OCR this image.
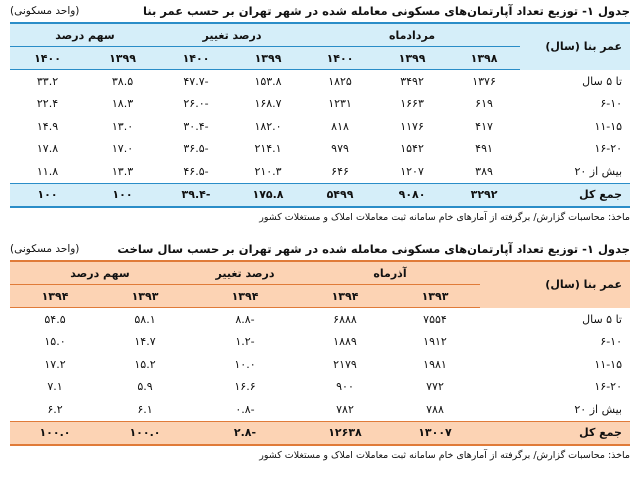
جدول ۱- توزیع تعداد آپارتمان‌های مسکونی معامله شده در شهر تهران بر حسب عمر بنا
(واحد مسکونی)
عمر بنا (سال)	مردادماه			درصد تغییر		سهم درصد	
	۱۳۹۸	۱۳۹۹	۱۴۰۰	۱۳۹۹	۱۴۰۰	۱۳۹۹	۱۴۰۰
تا ۵ سال	۱۳۷۶	۳۴۹۲	۱۸۲۵	۱۵۳.۸	-۴۷.۷	۳۸.۵	۳۳.۲
۶-۱۰	۶۱۹	۱۶۶۳	۱۲۳۱	۱۶۸.۷	-۲۶.۰	۱۸.۳	۲۲.۴
۱۱-۱۵	۴۱۷	۱۱۷۶	۸۱۸	۱۸۲.۰	-۳۰.۴	۱۳.۰	۱۴.۹
۱۶-۲۰	۴۹۱	۱۵۴۲	۹۷۹	۲۱۴.۱	-۳۶.۵	۱۷.۰	۱۷.۸
بیش از ۲۰	۳۸۹	۱۲۰۷	۶۴۶	۲۱۰.۳	-۴۶.۵	۱۳.۳	۱۱.۸
جمع کل	۳۲۹۲	۹۰۸۰	۵۴۹۹	۱۷۵.۸	-۳۹.۴	۱۰۰	۱۰۰
ماخذ: محاسبات گزارش/ برگرفته از آمارهای خام سامانه ثبت معاملات املاک و مستغلات کشور
جدول ۱- توزیع تعداد آپارتمان‌های مسکونی معامله شده در شهر تهران بر حسب سال ساخت
(واحد مسکونی)
عمر بنا (سال)	آذرماه		درصد تغییر	سهم درصد	
	۱۳۹۳	۱۳۹۴	۱۳۹۴	۱۳۹۳	۱۳۹۴
تا ۵ سال	۷۵۵۴	۶۸۸۸	-۸.۸	۵۸.۱	۵۴.۵
۶-۱۰	۱۹۱۲	۱۸۸۹	-۱.۲	۱۴.۷	۱۵.۰
۱۱-۱۵	۱۹۸۱	۲۱۷۹	۱۰.۰	۱۵.۲	۱۷.۲
۱۶-۲۰	۷۷۲	۹۰۰	۱۶.۶	۵.۹	۷.۱
بیش از ۲۰	۷۸۸	۷۸۲	-۰.۸	۶.۱	۶.۲
جمع کل	۱۳۰۰۷	۱۲۶۳۸	-۲.۸	۱۰۰.۰	۱۰۰.۰
ماخذ: محاسبات گزارش/ برگرفته از آمارهای خام سامانه ثبت معاملات املاک و مستغلات کشور
